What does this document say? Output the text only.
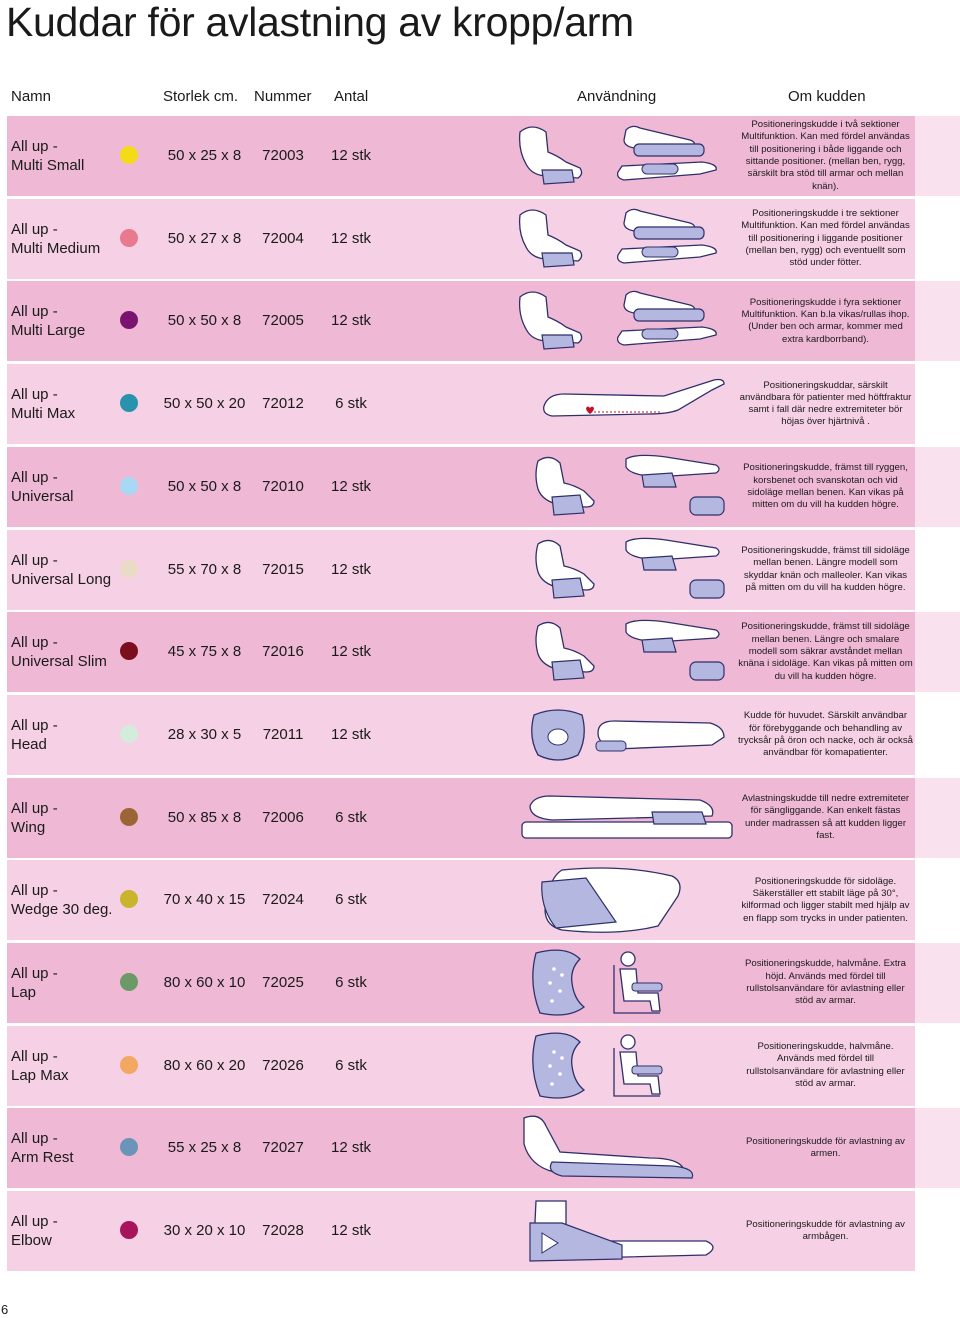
Kuddar för avlastning av kropp/arm
Namn	Storlek cm. Nummer Antal	Användning	Om kudden
All up -
Multi Small
50 x 25 x 8	72003	12 stk
Positioneringskudde i två sektioner Multifunktion. Kan med fördel användas till positionering i både liggande och sittande positioner. (mellan ben, rygg, särskilt bra stöd till armar och mellan knän).
All up -
Multi Medium
50 x 27 x 8	72004	12 stk
Positioneringskudde i tre sektioner Multifunktion. Kan med fördel användas till positionering i liggande positioner (mellan ben, rygg) och eventuellt som stöd under fötter.
All up -
Multi Large
50 x 50 x 8	72005	12 stk
Positioneringskudde i fyra sektioner Multifunktion. Kan b.la vikas/rullas ihop. (Under ben och armar, kommer med extra kardborrband).
All up -
Multi Max
50 x 50 x 20	72012	6 stk
Positioneringskuddar, särskilt användbara för patienter med höftfraktur samt i fall där nedre extremiteter bör höjas över hjärtnivå .
All up -
Universal
50 x 50 x 8	72010	12 stk
Positioneringskudde, främst till ryggen, korsbenet och svanskotan och vid sidoläge mellan benen. Kan vikas på mitten om du vill ha kudden högre.
All up -
Universal Long
55 x 70 x 8	72015	12 stk
Positioneringskudde, främst till sidoläge mellan benen. Längre modell som skyddar knän och malleoler. Kan vikas på mitten om du vill ha kudden högre.
All up -
Universal Slim
45 x 75 x 8	72016	12 stk
Positioneringskudde, främst till sidoläge mellan benen. Längre och smalare modell som säkrar avståndet mellan knäna i sidoläge. Kan vikas på mitten om du vill ha kudden högre.
All up -
Head
28 x 30 x 5	72011	12 stk
Kudde för huvudet. Särskilt användbar för förebyggande och behandling av trycksår på öron och nacke, och är också användbar för komapatienter.
All up -
Wing
50 x 85 x 8	72006	6 stk
Avlastningskudde till nedre extremiteter för sängliggande. Kan enkelt fästas under madrassen så att kudden ligger fast.
All up -
Wedge 30 deg.
70 x 40 x 15	72024	6 stk
Positioneringskudde för sidoläge. Säkerställer ett stabilt läge på 30°, kilformad och ligger stabilt med hjälp av en flapp som trycks in under patienten.
All up -
Lap
80 x 60 x 10	72025	6 stk
Positioneringskudde, halvmåne. Extra höjd. Används med fördel till rullstolsanvändare för avlastning eller stöd av armar.
All up -
Lap Max
80 x 60 x 20	72026	6 stk
Positioneringskudde, halvmåne. Används med fördel till rullstolsanvändare för avlastning eller stöd av armar.
All up -
Arm Rest
55 x 25 x 8	72027	12 stk	Positioneringskudde för avlastning av armen.
All up -
Elbow
30 x 20 x 10	72028	12 stk	Positioneringskudde för avlastning av armbågen.
6
